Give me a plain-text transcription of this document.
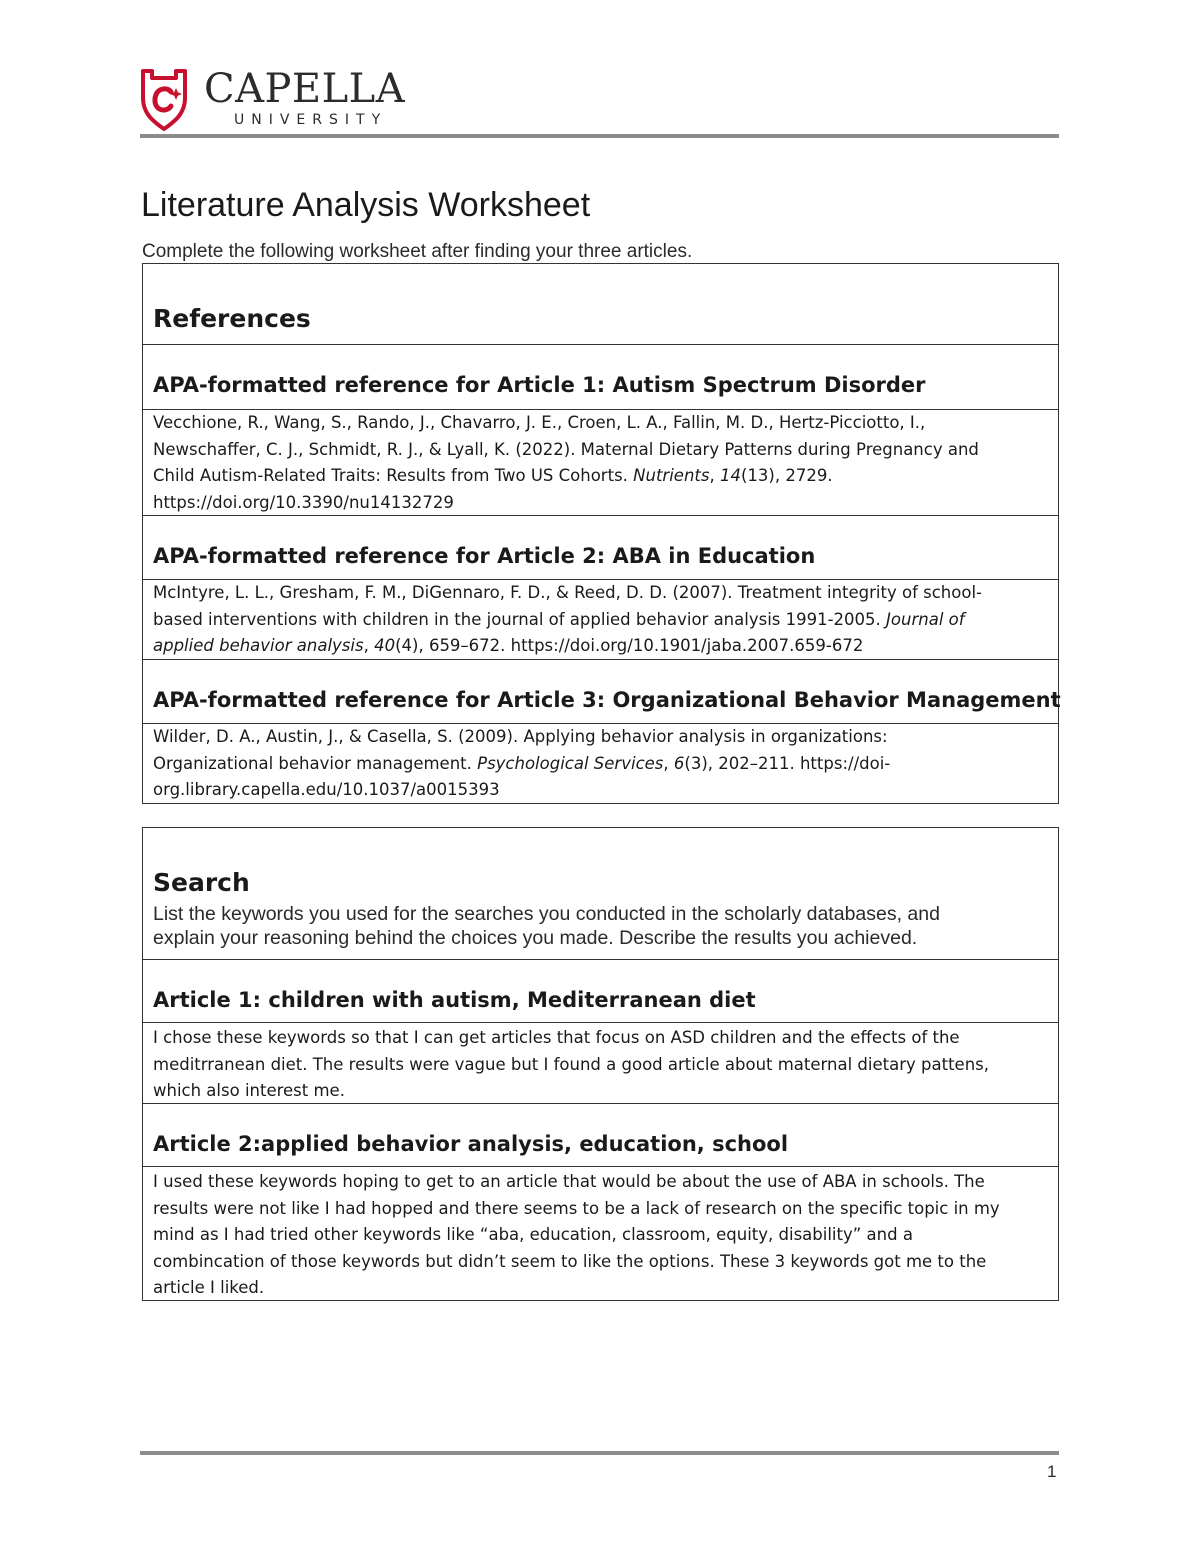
CAPELLA
UNIVERSITY
Literature Analysis Worksheet
Complete the following worksheet after finding your three articles.
References
APA-formatted reference for Article 1: Autism Spectrum Disorder
Vecchione, R., Wang, S., Rando, J., Chavarro, J. E., Croen, L. A., Fallin, M. D., Hertz-Picciotto, I.,
Newschaffer, C. J., Schmidt, R. J., & Lyall, K. (2022). Maternal Dietary Patterns during Pregnancy and
Child Autism-Related Traits: Results from Two US Cohorts. Nutrients, 14(13), 2729.
https://doi.org/10.3390/nu14132729
APA-formatted reference for Article 2: ABA in Education
McIntyre, L. L., Gresham, F. M., DiGennaro, F. D., & Reed, D. D. (2007). Treatment integrity of school-
based interventions with children in the journal of applied behavior analysis 1991-2005. Journal of
applied behavior analysis, 40(4), 659–672. https://doi.org/10.1901/jaba.2007.659-672
APA-formatted reference for Article 3: Organizational Behavior Management
Wilder, D. A., Austin, J., & Casella, S. (2009). Applying behavior analysis in organizations:
Organizational behavior management. Psychological Services, 6(3), 202–211. https://doi-
org.library.capella.edu/10.1037/a0015393
Search
List the keywords you used for the searches you conducted in the scholarly databases, and
explain your reasoning behind the choices you made. Describe the results you achieved.
Article 1: children with autism, Mediterranean diet
I chose these keywords so that I can get articles that focus on ASD children and the effects of the
meditrranean diet. The results were vague but I found a good article about maternal dietary pattens,
which also interest me.
Article 2:applied behavior analysis, education, school
I used these keywords hoping to get to an article that would be about the use of ABA in schools. The
results were not like I had hopped and there seems to be a lack of research on the specific topic in my
mind as I had tried other keywords like “aba, education, classroom, equity, disability” and a
combincation of those keywords but didn’t seem to like the options. These 3 keywords got me to the
article I liked.
1
